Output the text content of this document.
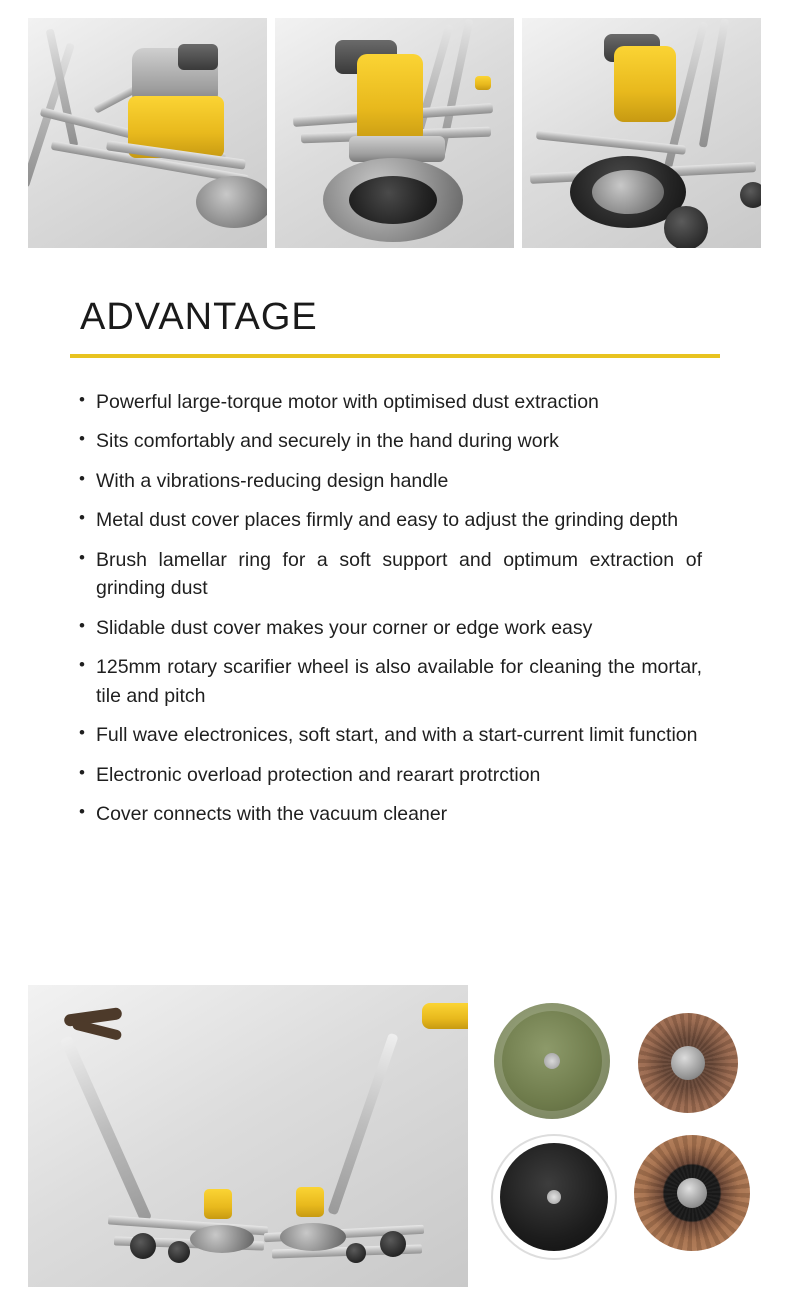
ADVANTAGE
• Powerful large-torque motor with optimised dust extraction
• Sits comfortably and securely in the hand during work
• With a vibrations-reducing design handle
• Metal dust cover places firmly and easy to adjust the grinding depth
• Brush lamellar ring for a soft support and optimum extraction of grinding dust
• Slidable dust cover makes your corner or edge work easy
• 125mm rotary scarifier wheel is also available for cleaning the mortar, tile and pitch
• Full wave electronices, soft start, and with a start-current limit function
• Electronic overload protection and rearart protrction
• Cover connects with the vacuum cleaner
